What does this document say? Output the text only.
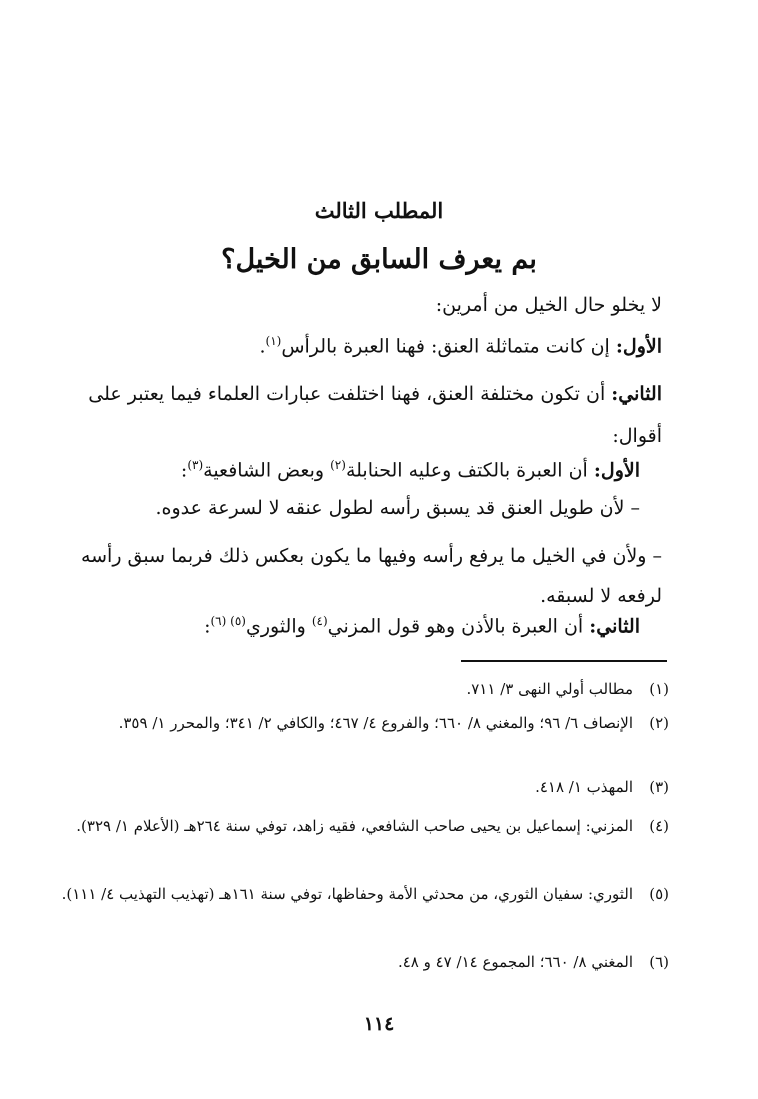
المطلب الثالث
بم يعرف السابق من الخيل؟
لا يخلو حال الخيل من أمرين:
الأول: إن كانت متماثلة العنق: فهنا العبرة بالرأس$^{(١)}$.
الثاني: أن تكون مختلفة العنق، فهنا اختلفت عبارات العلماء فيما يعتبر على أقوال:
الأول: أن العبرة بالكتف وعليه الحنابلة$^{(٢)}$ وبعض الشافعية$^{(٣)}$:
– لأن طويل العنق قد يسبق رأسه لطول عنقه لا لسرعة عدوه.
– ولأن في الخيل ما يرفع رأسه وفيها ما يكون بعكس ذلك فربما سبق رأسه لرفعه لا لسبقه.
الثاني: أن العبرة بالأذن وهو قول المزني$^{(٤)}$ والثوري$^{(٥) (٦)}$:
(١)مطالب أولي النهى ٣/ ٧١١.
(٢)الإنصاف ٦/ ٩٦؛ والمغني ٨/ ٦٦٠؛ والفروع ٤/ ٤٦٧؛ والكافي ٢/ ٣٤١؛ والمحرر ١/ ٣٥٩.
(٣)المهذب ١/ ٤١٨.
(٤)المزني: إسماعيل بن يحيى صاحب الشافعي، فقيه زاهد، توفي سنة ٢٦٤هـ (الأعلام ١/ ٣٢٩).
(٥)الثوري: سفيان الثوري، من محدثي الأمة وحفاظها، توفي سنة ١٦١هـ (تهذيب التهذيب ٤/ ١١١).
(٦)المغني ٨/ ٦٦٠؛ المجموع ١٤/ ٤٧ و ٤٨.
١١٤
